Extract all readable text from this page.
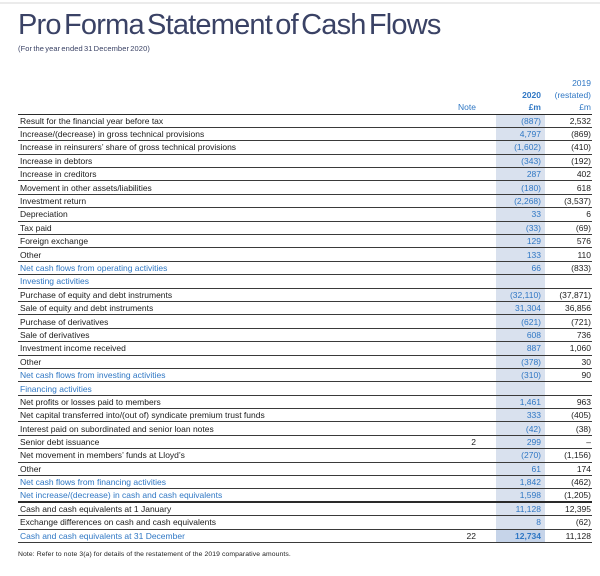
Pro Forma Statement of Cash Flows
(For the year ended 31 December 2020)
			2019
		2020	(restated)
	Note	£m	£m
Result for the financial year before tax		(887)	2,532
Increase/(decrease) in gross technical provisions		4,797	(869)
Increase in reinsurers’ share of gross technical provisions		(1,602)	(410)
Increase in debtors		(343)	(192)
Increase in creditors		287	402
Movement in other assets/liabilities		(180)	618
Investment return		(2,268)	(3,537)
Depreciation		33	6
Tax paid		(33)	(69)
Foreign exchange		129	576
Other		133	110
Net cash flows from operating activities		66	(833)
Investing activities			
Purchase of equity and debt instruments		(32,110)	(37,871)
Sale of equity and debt instruments		31,304	36,856
Purchase of derivatives		(621)	(721)
Sale of derivatives		608	736
Investment income received		887	1,060
Other		(378)	30
Net cash flows from investing activities		(310)	90
Financing activities			
Net profits or losses paid to members		1,461	963
Net capital transferred into/(out of) syndicate premium trust funds		333	(405)
Interest paid on subordinated and senior loan notes		(42)	(38)
Senior debt issuance	2	299	–
Net movement in members’ funds at Lloyd’s		(270)	(1,156)
Other		61	174
Net cash flows from financing activities		1,842	(462)
Net increase/(decrease) in cash and cash equivalents		1,598	(1,205)
Cash and cash equivalents at 1 January		11,128	12,395
Exchange differences on cash and cash equivalents		8	(62)
Cash and cash equivalents at 31 December	22	12,734	11,128
Note: Refer to note 3(a) for details of the restatement of the 2019 comparative amounts.
